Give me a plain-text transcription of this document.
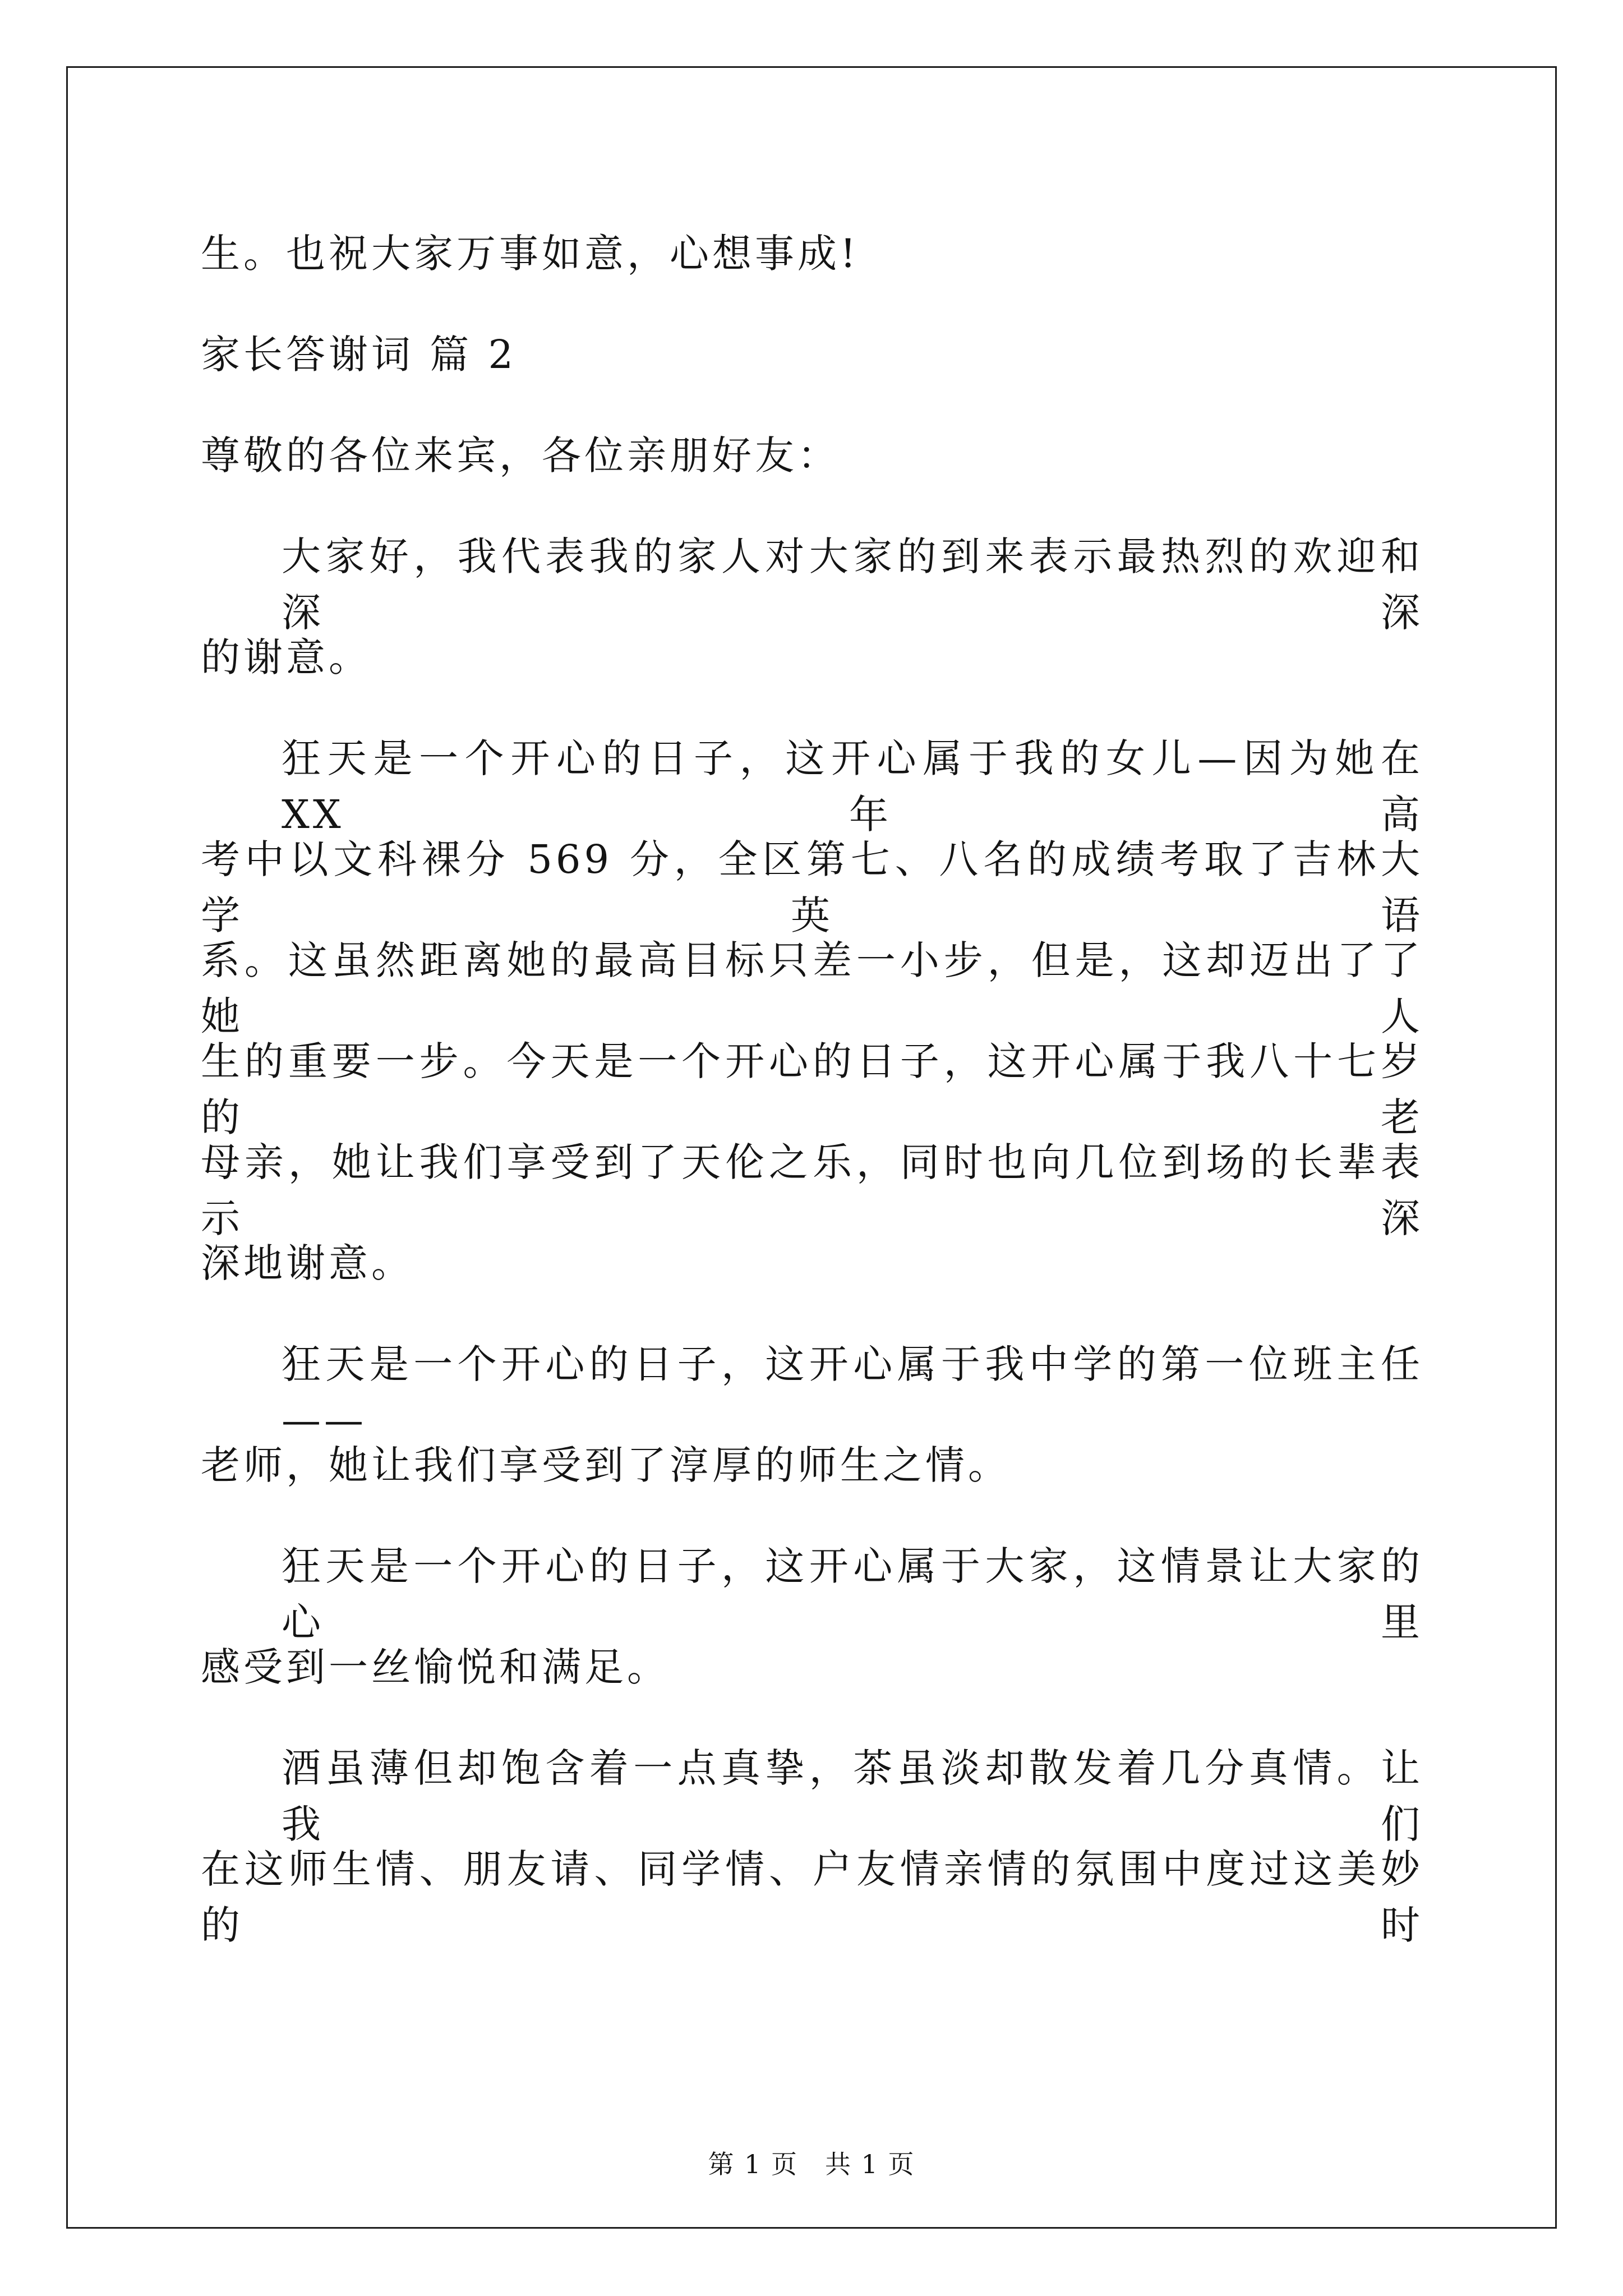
生。也祝大家万事如意，心想事成!
家长答谢词 篇 2
尊敬的各位来宾，各位亲朋好友：
大家好，我代表我的家人对大家的到来表示最热烈的欢迎和深深
的谢意。
狂天是一个开心的日子，这开心属于我的女儿—因为她在 XX 年高
考中以文科裸分 569 分，全区第七、八名的成绩考取了吉林大学英语
系。这虽然距离她的最高目标只差一小步，但是，这却迈出了了她人
生的重要一步。今天是一个开心的日子，这开心属于我八十七岁的老
母亲，她让我们享受到了天伦之乐，同时也向几位到场的长辈表示深
深地谢意。
狂天是一个开心的日子，这开心属于我中学的第一位班主任——
老师，她让我们享受到了淳厚的师生之情。
狂天是一个开心的日子，这开心属于大家，这情景让大家的心里
感受到一丝愉悦和满足。
酒虽薄但却饱含着一点真挚，茶虽淡却散发着几分真情。让我们
在这师生情、朋友请、同学情、户友情亲情的氛围中度过这美妙的时
第 1 页 共 1 页
